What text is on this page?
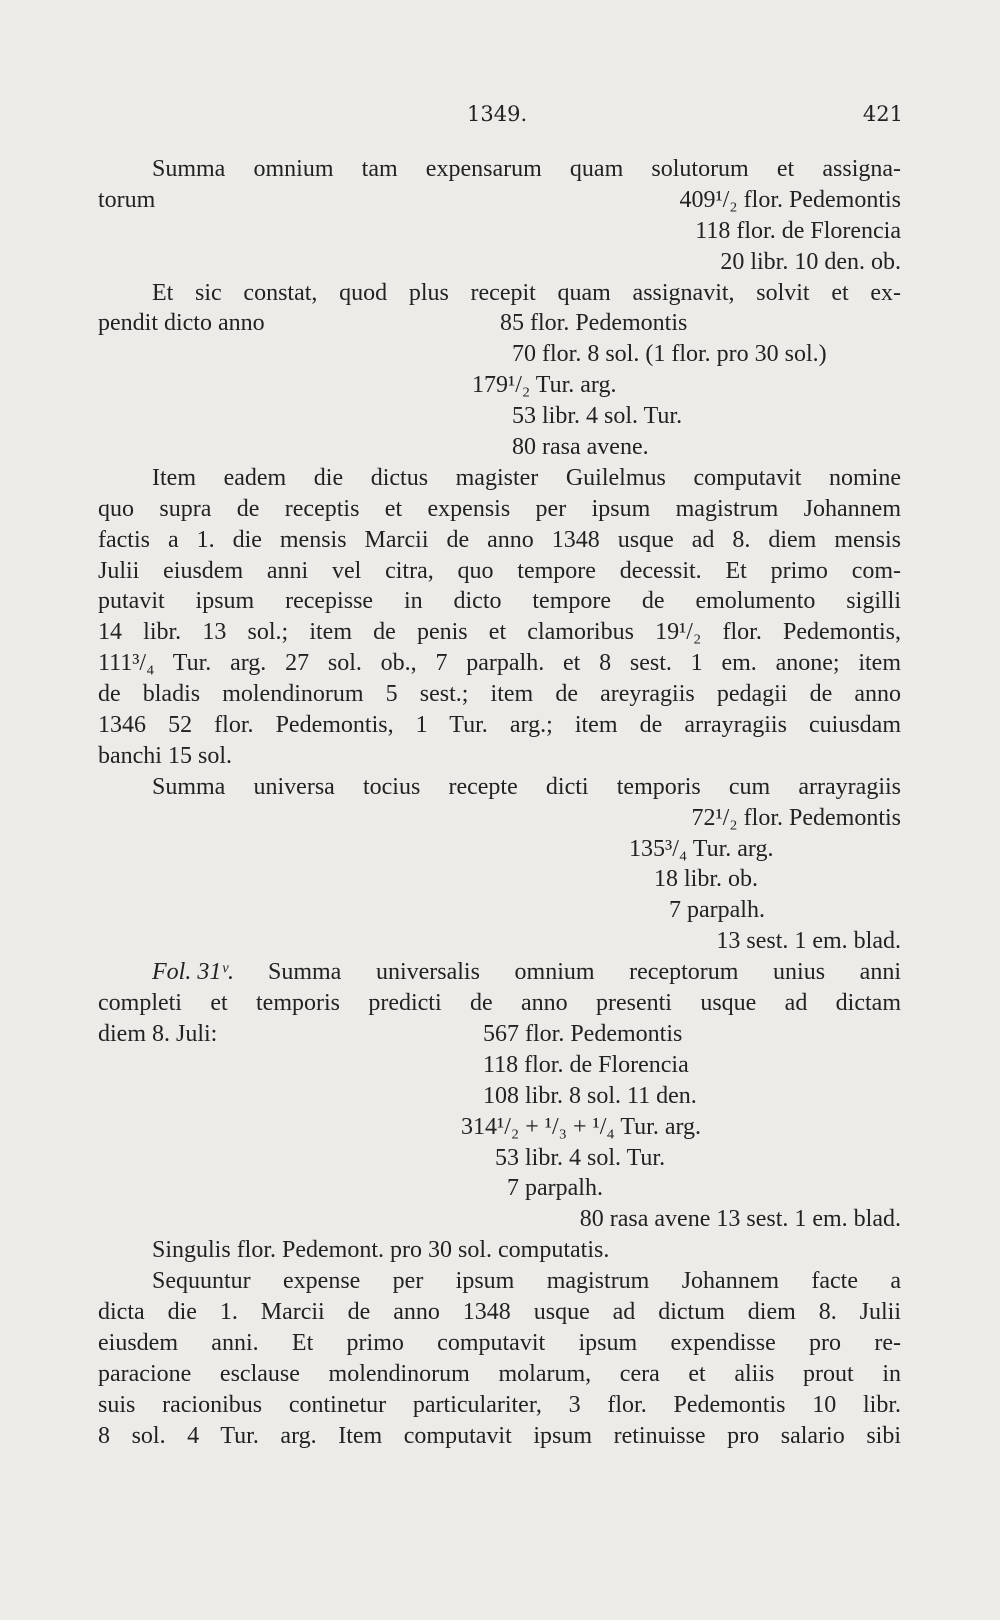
1349.	421
Summa omnium tam expensarum quam solutorum et assigna-
torum	409¹/₂ flor. Pedemontis
118 flor. de Florencia
20 libr. 10 den. ob.
Et sic constat, quod plus recepit quam assignavit, solvit et ex-
pendit dicto anno	85 flor. Pedemontis
70 flor. 8 sol. (1 flor. pro 30 sol.)
179¹/₂ Tur. arg.
53 libr. 4 sol. Tur.
80 rasa avene.
Item eadem die dictus magister Guilelmus computavit nomine
quo supra de receptis et expensis per ipsum magistrum Johannem
factis a 1. die mensis Marcii de anno 1348 usque ad 8. diem mensis
Julii eiusdem anni vel citra, quo tempore decessit. Et primo com-
putavit ipsum recepisse in dicto tempore de emolumento sigilli
14 libr. 13 sol.; item de penis et clamoribus 19¹/₂ flor. Pedemontis,
111³/₄ Tur. arg. 27 sol. ob., 7 parpalh. et 8 sest. 1 em. anone; item
de bladis molendinorum 5 sest.; item de areyragiis pedagii de anno
1346 52 flor. Pedemontis, 1 Tur. arg.; item de arrayragiis cuiusdam
banchi 15 sol.
Summa universa tocius recepte dicti temporis cum arrayragiis
72¹/₂ flor. Pedemontis
135³/₄ Tur. arg.
18 libr. ob.
7 parpalh.
13 sest. 1 em. blad.
Fol. 31ᵛ. Summa universalis omnium receptorum unius anni
completi et temporis predicti de anno presenti usque ad dictam
diem 8. Juli:	567 flor. Pedemontis
118 flor. de Florencia
108 libr. 8 sol. 11 den.
314¹/₂ + ¹/₃ + ¹/₄ Tur. arg.
53 libr. 4 sol. Tur.
7 parpalh.
80 rasa avene 13 sest. 1 em. blad.
Singulis flor. Pedemont. pro 30 sol. computatis.
Sequuntur expense per ipsum magistrum Johannem facte a
dicta die 1. Marcii de anno 1348 usque ad dictum diem 8. Julii
eiusdem anni. Et primo computavit ipsum expendisse pro re-
paracione esclause molendinorum molarum, cera et aliis prout in
suis racionibus continetur particulariter, 3 flor. Pedemontis 10 libr.
8 sol. 4 Tur. arg. Item computavit ipsum retinuisse pro salario sibi
